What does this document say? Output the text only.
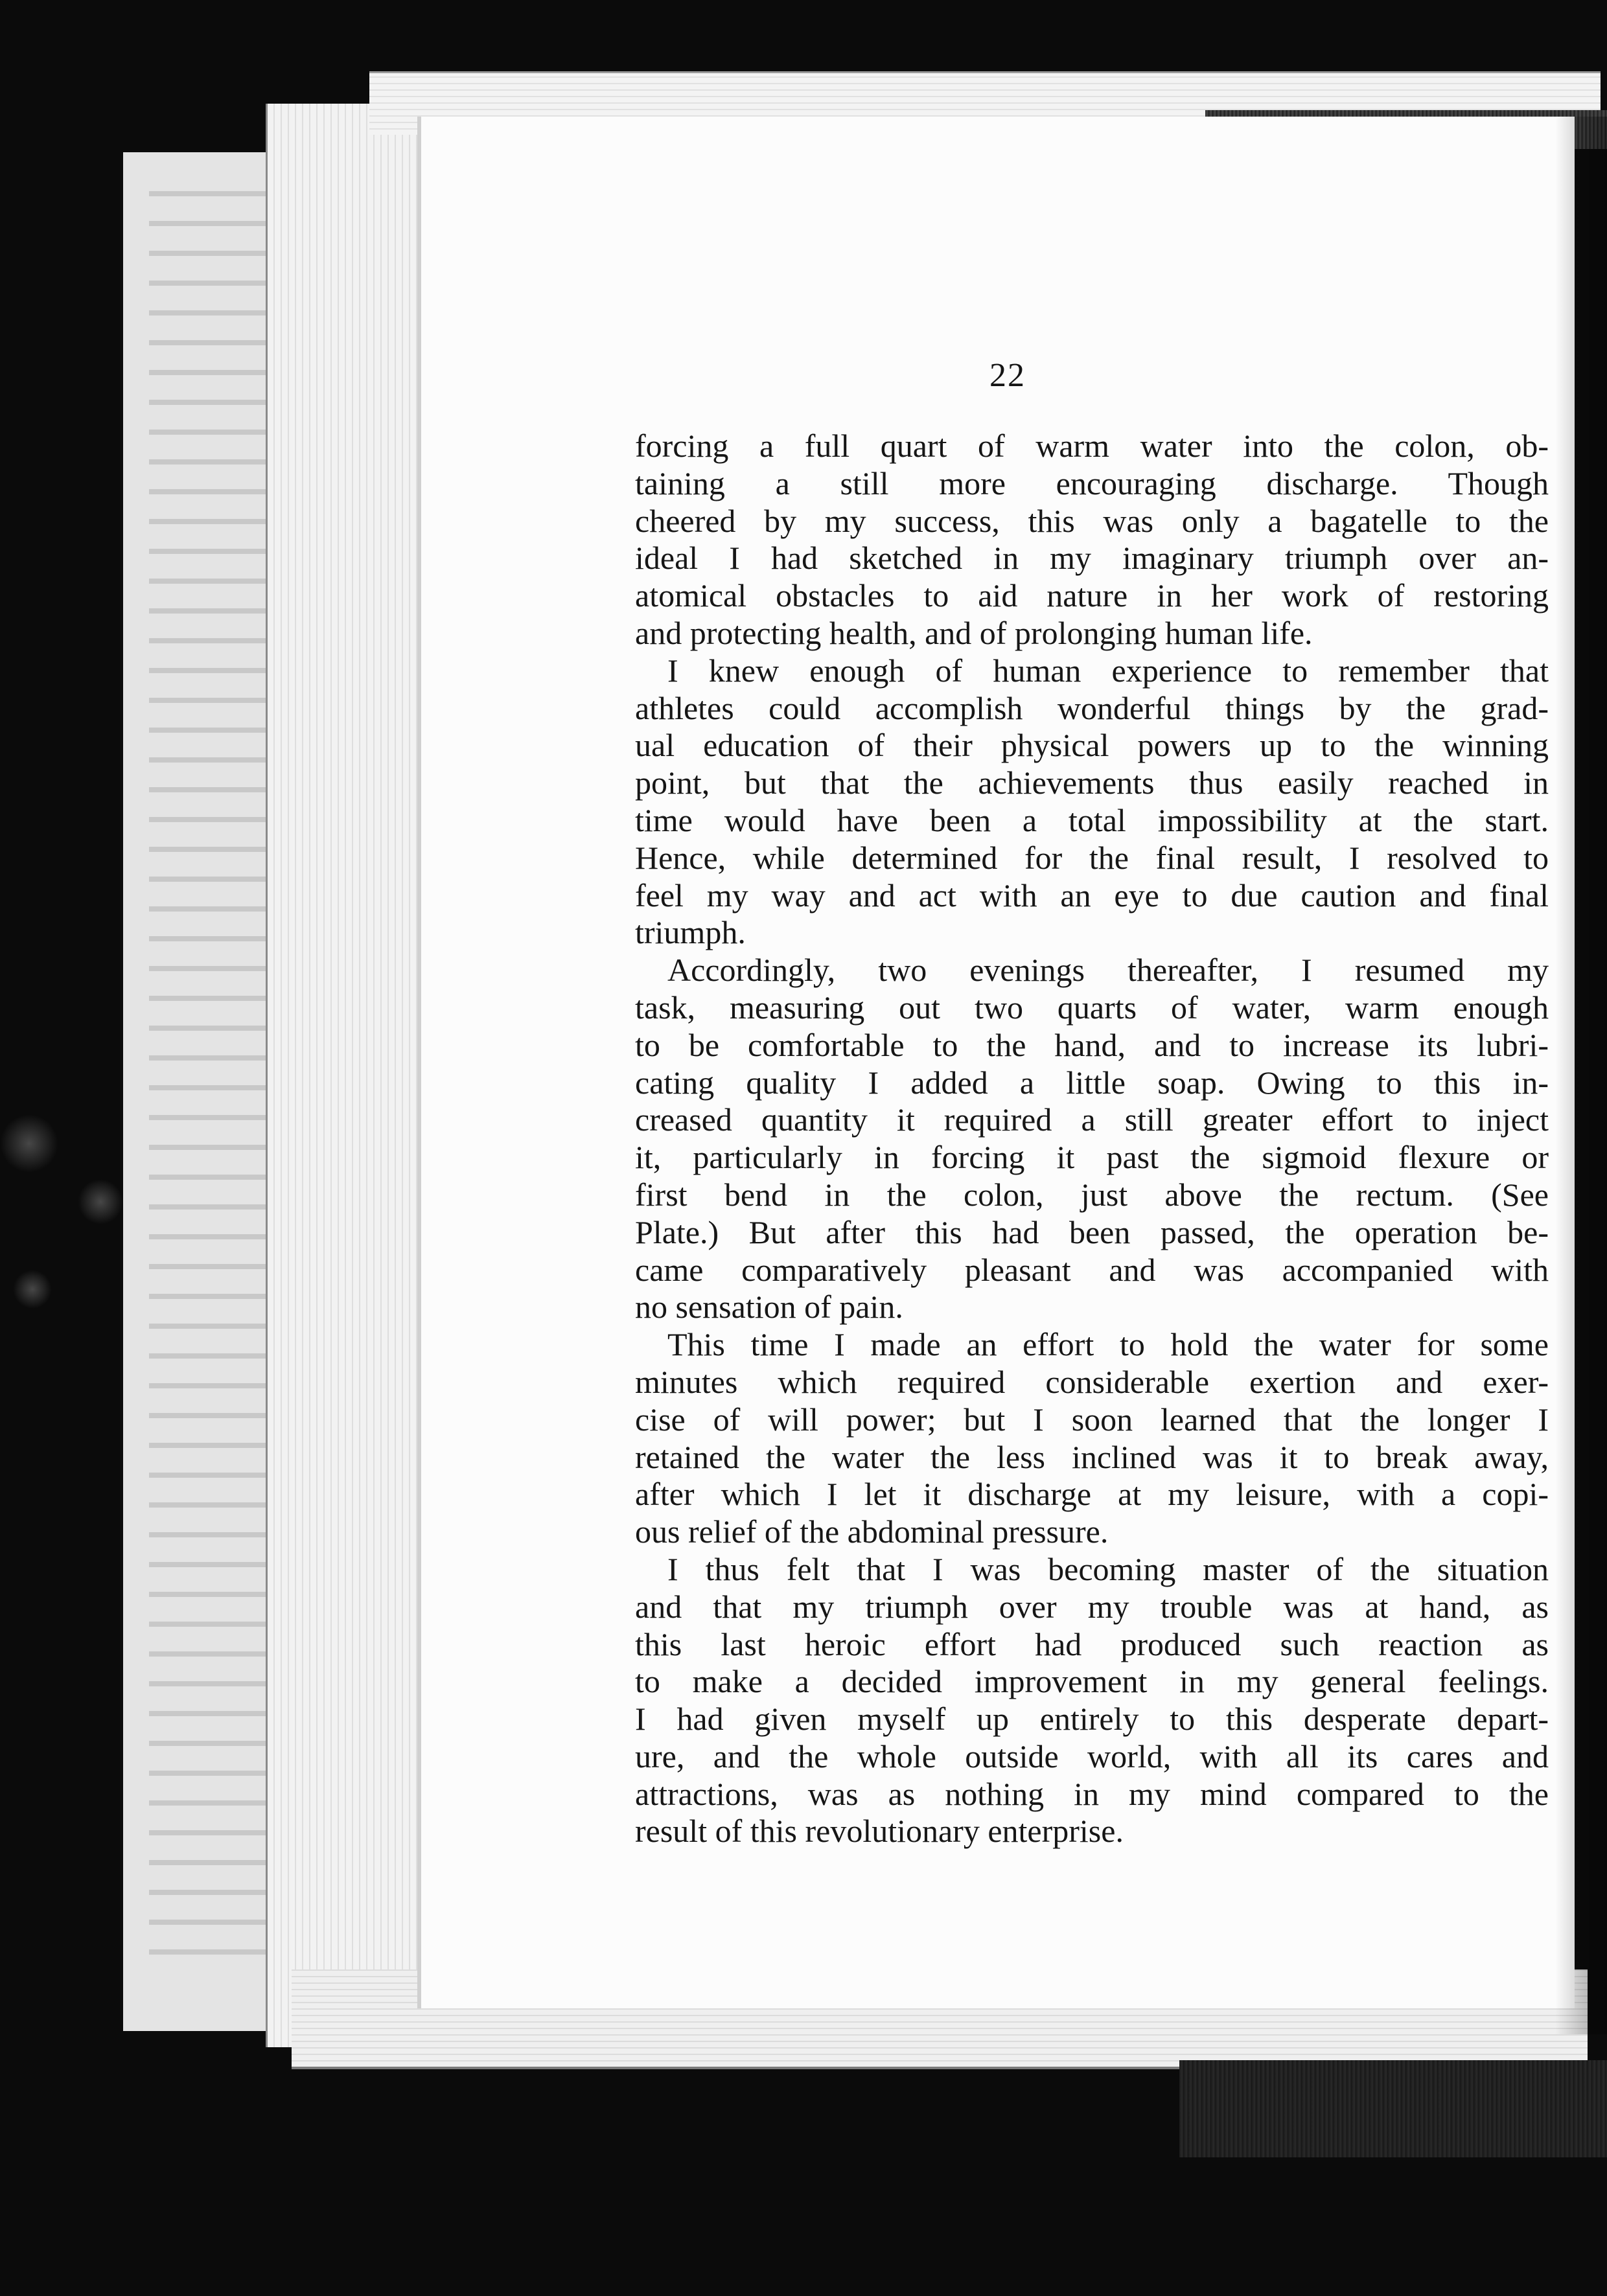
22
forcing a full quart of warm water into the colon, ob-
taining a still more encouraging discharge. Though
cheered by my success, this was only a bagatelle to the
ideal I had sketched in my imaginary triumph over an-
atomical obstacles to aid nature in her work of restoring
and protecting health, and of prolonging human life.
I knew enough of human experience to remember that
athletes could accomplish wonderful things by the grad-
ual education of their physical powers up to the winning
point, but that the achievements thus easily reached in
time would have been a total impossibility at the start.
Hence, while determined for the final result, I resolved to
feel my way and act with an eye to due caution and final
triumph.
Accordingly, two evenings thereafter, I resumed my
task, measuring out two quarts of water, warm enough
to be comfortable to the hand, and to increase its lubri-
cating quality I added a little soap. Owing to this in-
creased quantity it required a still greater effort to inject
it, particularly in forcing it past the sigmoid flexure or
first bend in the colon, just above the rectum. (See
Plate.) But after this had been passed, the operation be-
came comparatively pleasant and was accompanied with
no sensation of pain.
This time I made an effort to hold the water for some
minutes which required considerable exertion and exer-
cise of will power; but I soon learned that the longer I
retained the water the less inclined was it to break away,
after which I let it discharge at my leisure, with a copi-
ous relief of the abdominal pressure.
I thus felt that I was becoming master of the situation
and that my triumph over my trouble was at hand, as
this last heroic effort had produced such reaction as
to make a decided improvement in my general feelings.
I had given myself up entirely to this desperate depart-
ure, and the whole outside world, with all its cares and
attractions, was as nothing in my mind compared to the
result of this revolutionary enterprise.
